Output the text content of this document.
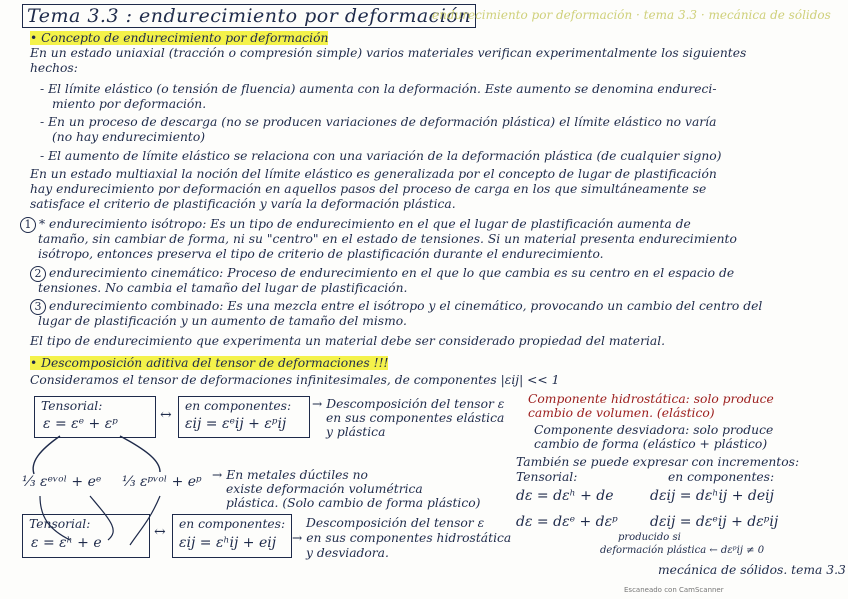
Tema 3.3 : endurecimiento por deformación
endurecimiento por deformación · tema 3.3 · mecánica de sólidos
• Concepto de endurecimiento por deformación
En un estado uniaxial (tracción o compresión simple) varios materiales verifican experimentalmente los siguientes
hechos:
- El límite elástico (o tensión de fluencia) aumenta con la deformación. Este aumento se denomina endureci-
miento por deformación.
- En un proceso de descarga (no se producen variaciones de deformación plástica) el límite elástico no varía
(no hay endurecimiento)
- El aumento de límite elástico se relaciona con una variación de la deformación plástica (de cualquier signo)
En un estado multiaxial la noción del límite elástico es generalizada por el concepto de lugar de plastificación
hay endurecimiento por deformación en aquellos pasos del proceso de carga en los que simultáneamente se
satisface el criterio de plastificación y varía la deformación plástica.
1 * endurecimiento isótropo: Es un tipo de endurecimiento en el que el lugar de plastificación aumenta de
tamaño, sin cambiar de forma, ni su "centro" en el estado de tensiones. Si un material presenta endurecimiento
isótropo, entonces preserva el tipo de criterio de plastificación durante el endurecimiento.
2 endurecimiento cinemático: Proceso de endurecimiento en el que lo que cambia es su centro en el espacio de
tensiones. No cambia el tamaño del lugar de plastificación.
3 endurecimiento combinado: Es una mezcla entre el isótropo y el cinemático, provocando un cambio del centro del
lugar de plastificación y un aumento de tamaño del mismo.
El tipo de endurecimiento que experimenta un material debe ser considerado propiedad del material.
• Descomposición aditiva del tensor de deformaciones !!!
Consideramos el tensor de deformaciones infinitesimales, de componentes |εij| << 1
Tensorial:
ε = εᵉ + εᵖ
↔
en componentes:
εij = εᵉij + εᵖij
→ Descomposición del tensor ε
en sus componentes elástica
y plástica
⅓ εᵉᵛᵒˡ + eᵉ ⅓ εᵖᵛᵒˡ + eᵖ → En metales dúctiles no
existe deformación volumétrica
plástica. (Solo cambio de forma plástico)
Tensorial:
ε = εʰ + e
↔ en componentes:
εij = εʰij + eij
Descomposición del tensor ε
→ en sus componentes hidrostática
y desviadora.
Componente hidrostática: solo produce
cambio de volumen. (elástico)
Componente desviadora: solo produce
cambio de forma (elástico + plástico)
También se puede expresar con incrementos:
Tensorial:	en componentes:
dε = dεʰ + de	dεij = dεʰij + deij
dε = dεᵉ + dεᵖ dεij = dεᵉij + dεᵖij
producido si
deformación plástica ← dεᵖij ≠ 0
mecánica de sólidos. tema 3.3
Escaneado con CamScanner
